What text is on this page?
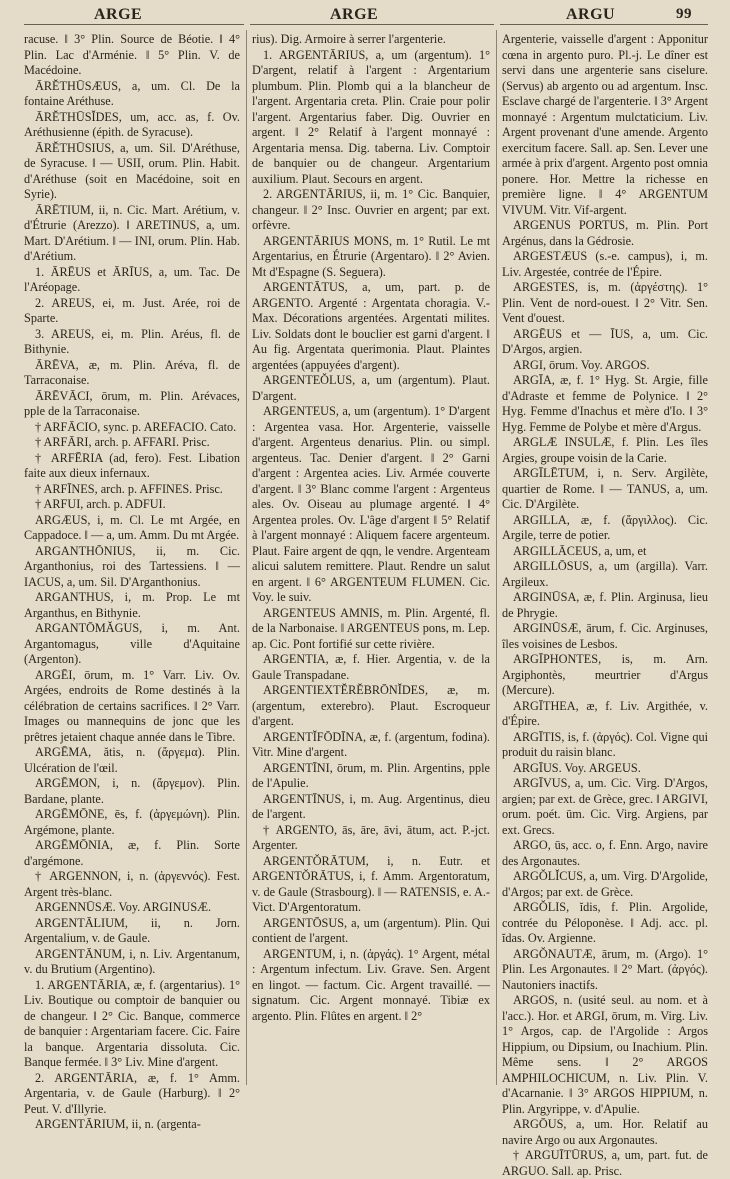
ARGE	ARGE	ARGU	99

racuse. ‖ 3° Plin. Source de Béotie. ‖ 4° Plin. Lac d'Arménie. ‖ 5° Plin. V. de Macédoine.

ĀRĔTHŪSÆUS, a, um. Cl. De la fontaine Aréthuse.

ĀRĔTHŪSĬDES, um, acc. as, f. Ov. Aréthusienne (épith. de Syracuse).

ĀRĔTHŪSIUS, a, um. Sil. D'Aréthuse, de Syracuse. ‖ — USII, orum. Plin. Habit. d'Aréthuse (soit en Macédoine, soit en Syrie).

ĀRĒTIUM, ii, n. Cic. Mart. Arétium, v. d'Étrurie (Arezzo). ‖ ARETINUS, a, um. Mart. D'Arétium. ‖ — INI, orum. Plin. Hab. d'Arétium.

1. ĀRĒUS et ĀRĪUS, a, um. Tac. De l'Aréopage.

2. AREUS, ei, m. Just. Arée, roi de Sparte.

3. AREUS, ei, m. Plin. Aréus, fl. de Bithynie.

ĀRĒVA, æ, m. Plin. Aréva, fl. de Tarraconaise.

ĀRĒVĀCI, ōrum, m. Plin. Arévaces, pple de la Tarraconaise.

† ARFĀCIO, sync. p. AREFACIO. Cato.

† ARFĀRI, arch. p. AFFARI. Prisc.

† ARFĒRIA (ad, fero). Fest. Libation faite aux dieux infernaux.

† ARFĪNES, arch. p. AFFINES. Prisc.

† ARFUI, arch. p. ADFUI.

ARGÆUS, i, m. Cl. Le mt Argée, en Cappadoce. ‖ — a, um. Amm. Du mt Argée.

ARGANTHŌNIUS, ii, m. Cic. Arganthonius, roi des Tartessiens. ‖ — IACUS, a, um. Sil. D'Arganthonius.

ARGANTHUS, i, m. Prop. Le mt Arganthus, en Bithynie.

ARGANTŌMĂGUS, i, m. Ant. Argantomagus, ville d'Aquitaine (Argenton).

ARGĒI, ōrum, m. 1° Varr. Liv. Ov. Argées, endroits de Rome destinés à la célébration de certains sacrifices. ‖ 2° Varr. Images ou mannequins de jonc que les prêtres jetaient chaque année dans le Tibre.

ARGĒMA, ătis, n. (ἄργεμα). Plin. Ulcération de l'œil.

ARGĒMON, i, n. (ἄργεμον). Plin. Bardane, plante.

ARGĒMŌNE, ēs, f. (ἀργεμώνη). Plin. Argémone, plante.

ARGĒMŌNIA, æ, f. Plin. Sorte d'argémone.

† ARGENNON, i, n. (ἀργεννός). Fest. Argent très-blanc.

ARGENNŪSÆ. Voy. ARGINUSÆ.

ARGENTĀLIUM, ii, n. Jorn. Argentalium, v. de Gaule.

ARGENTĀNUM, i, n. Liv. Argentanum, v. du Brutium (Argentino).

1. ARGENTĀRIA, æ, f. (argentarius). 1° Liv. Boutique ou comptoir de banquier ou de changeur. ‖ 2° Cic. Banque, commerce de banquier : Argentariam facere. Cic. Faire la banque. Argentaria dissoluta. Cic. Banque fermée. ‖ 3° Liv. Mine d'argent.

2. ARGENTĀRIA, æ, f. 1° Amm. Argentaria, v. de Gaule (Harburg). ‖ 2° Peut. V. d'Illyrie.

ARGENTĀRIUM, ii, n. (argenta-

rius). Dig. Armoire à serrer l'argenterie.

1. ARGENTĀRIUS, a, um (argentum). 1° D'argent, relatif à l'argent : Argentarium plumbum. Plin. Plomb qui a la blancheur de l'argent. Argentaria creta. Plin. Craie pour polir l'argent. Argentarius faber. Dig. Ouvrier en argent. ‖ 2° Relatif à l'argent monnayé : Argentaria mensa. Dig. taberna. Liv. Comptoir de banquier ou de changeur. Argentarium auxilium. Plaut. Secours en argent.

2. ARGENTĀRIUS, ii, m. 1° Cic. Banquier, changeur. ‖ 2° Insc. Ouvrier en argent; par ext. orfèvre.

ARGENTĀRIUS MONS, m. 1° Rutil. Le mt Argentarius, en Étrurie (Argentaro). ‖ 2° Avien. Mt d'Espagne (S. Seguera).

ARGENTĀTUS, a, um, part. p. de ARGENTO. Argenté : Argentata choragia. V.-Max. Décorations argentées. Argentati milites. Liv. Soldats dont le bouclier est garni d'argent. ‖ Au fig. Argentata querimonia. Plaut. Plaintes argentées (appuyées d'argent).

ARGENTEŎLUS, a, um (argentum). Plaut. D'argent.

ARGENTEUS, a, um (argentum). 1° D'argent : Argentea vasa. Hor. Argenterie, vaisselle d'argent. Argenteus denarius. Plin. ou simpl. argenteus. Tac. Denier d'argent. ‖ 2° Garni d'argent : Argentea acies. Liv. Armée couverte d'argent. ‖ 3° Blanc comme l'argent : Argenteus ales. Ov. Oiseau au plumage argenté. ‖ 4° Argentea proles. Ov. L'âge d'argent ‖ 5° Relatif à l'argent monnayé : Aliquem facere argenteum. Plaut. Faire argent de qqn, le vendre. Argenteam alicui salutem remittere. Plaut. Rendre un salut en argent. ‖ 6° ARGENTEUM FLUMEN. Cic. Voy. le suiv.

ARGENTEUS AMNIS, m. Plin. Argenté, fl. de la Narbonaise. ‖ ARGENTEUS pons, m. Lep. ap. Cic. Pont fortifié sur cette rivière.

ARGENTIA, æ, f. Hier. Argentia, v. de la Gaule Transpadane.

ARGENTIEXTĔRĔBRŌNĬDES, æ, m. (argentum, exterebro). Plaut. Escroqueur d'argent.

ARGENTĬFŌDĪNA, æ, f. (argentum, fodina). Vitr. Mine d'argent.

ARGENTĪNI, ōrum, m. Plin. Argentins, pple de l'Apulie.

ARGENTĪNUS, i, m. Aug. Argentinus, dieu de l'argent.

† ARGENTO, ās, āre, āvi, ātum, act. P.-jct. Argenter.

ARGENTŎRĀTUM, i, n. Eutr. et ARGENTŎRĀTUS, i, f. Amm. Argentoratum, v. de Gaule (Strasbourg). ‖ — RATENSIS, e. A.-Vict. D'Argentoratum.

ARGENTŌSUS, a, um (argentum). Plin. Qui contient de l'argent.

ARGENTUM, i, n. (ἀργάς). 1° Argent, métal : Argentum infectum. Liv. Grave. Sen. Argent en lingot. — factum. Cic. Argent travaillé. — signatum. Cic. Argent monnayé. Tibiæ ex argento. Plin. Flûtes en argent. ‖ 2°

Argenterie, vaisselle d'argent : Apponitur cœna in argento puro. Pl.-j. Le dîner est servi dans une argenterie sans ciselure. (Servus) ab argento ou ad argentum. Insc. Esclave chargé de l'argenterie. ‖ 3° Argent monnayé : Argentum mulctaticium. Liv. Argent provenant d'une amende. Argento exercitum facere. Sall. ap. Sen. Lever une armée à prix d'argent. Argento post omnia ponere. Hor. Mettre la richesse en première ligne. ‖ 4° ARGENTUM VIVUM. Vitr. Vif-argent.

ARGENUS PORTUS, m. Plin. Port Argénus, dans la Gédrosie.

ARGESTÆUS (s.-e. campus), i, m. Liv. Argestée, contrée de l'Épire.

ARGESTES, is, m. (ἀργέστης). 1° Plin. Vent de nord-ouest. ‖ 2° Vitr. Sen. Vent d'ouest.

ARGĒUS et — ĪUS, a, um. Cic. D'Argos, argien.

ARGI, ōrum. Voy. ARGOS.

ARGĪA, æ, f. 1° Hyg. St. Argie, fille d'Adraste et femme de Polynice. ‖ 2° Hyg. Femme d'Inachus et mère d'Io. ‖ 3° Hyg. Femme de Polybe et mère d'Argus.

ARGLÆ INSULÆ, f. Plin. Les îles Argies, groupe voisin de la Carie.

ARGĪLĒTUM, i, n. Serv. Argilète, quartier de Rome. ‖ — TANUS, a, um. Cic. D'Argilète.

ARGILLA, æ, f. (ἄργιλλος). Cic. Argile, terre de potier.

ARGILLĀCEUS, a, um, et

ARGILLŌSUS, a, um (argilla). Varr. Argileux.

ARGINŪSA, æ, f. Plin. Arginusa, lieu de Phrygie.

ARGINŪSÆ, ārum, f. Cic. Arginuses, îles voisines de Lesbos.

ARGĪPHONTES, is, m. Arn. Argiphontès, meurtrier d'Argus (Mercure).

ARGĪTHEA, æ, f. Liv. Argithée, v. d'Épire.

ARGĪTIS, is, f. (ἀργός). Col. Vigne qui produit du raisin blanc.

ARGĪUS. Voy. ARGEUS.

ARGĪVUS, a, um. Cic. Virg. D'Argos, argien; par ext. de Grèce, grec. ‖ ARGIVI, orum. poét. ūm. Cic. Virg. Argiens, par ext. Grecs.

ARGO, ūs, acc. o, f. Enn. Argo, navire des Argonautes.

ARGŎLĬCUS, a, um. Virg. D'Argolide, d'Argos; par ext. de Grèce.

ARGŎLIS, ĭdis, f. Plin. Argolide, contrée du Péloponèse. ‖ Adj. acc. pl. ĭdas. Ov. Argienne.

ARGŎNAUTÆ, ārum, m. (Argo). 1° Plin. Les Argonautes. ‖ 2° Mart. (ἀργός). Nautoniers inactifs.

ARGOS, n. (usité seul. au nom. et à l'acc.). Hor. et ARGI, ōrum, m. Virg. Liv. 1° Argos, cap. de l'Argolide : Argos Hippium, ou Dipsium, ou Inachium. Plin. Même sens. ‖ 2° ARGOS AMPHILOCHICUM, n. Liv. Plin. V. d'Acarnanie. ‖ 3° ARGOS HIPPIUM, n. Plin. Argyrippe, v. d'Apulie.

ARGŌUS, a, um. Hor. Relatif au navire Argo ou aux Argonautes.

† ARGUĪTŪRUS, a, um, part. fut. de ARGUO. Sall. ap. Prisc.
